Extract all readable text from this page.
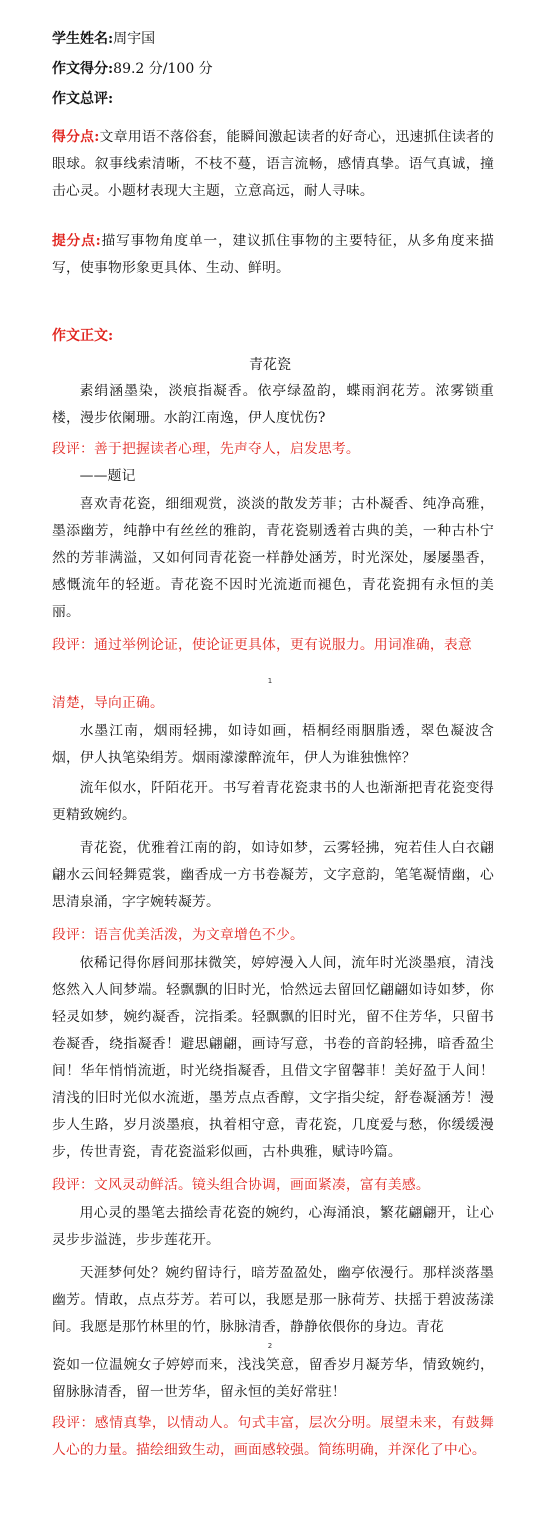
学生姓名:周宇国
作文得分:89.2 分/100 分
作文总评:
得分点:文章用语不落俗套，能瞬间激起读者的好奇心，迅速抓住读者的眼球。叙事线索清晰，不枝不蔓，语言流畅，感情真挚。语气真诚，撞击心灵。小题材表现大主题，立意高远，耐人寻味。
提分点:描写事物角度单一，建议抓住事物的主要特征，从多角度来描写，使事物形象更具体、生动、鲜明。
作文正文:
青花瓷
素绢涵墨染，淡痕指凝香。依亭绿盈韵，蝶雨润花芳。浓雾锁重楼，漫步依阑珊。水韵江南逸，伊人度忧伤?
段评：善于把握读者心理，先声夺人，启发思考。
——题记
喜欢青花瓷，细细观赏，淡淡的散发芳菲；古朴凝香、纯净高雅，墨添幽芳，纯静中有丝丝的雅韵，青花瓷剔透着古典的美，一种古朴宁然的芳菲满溢，又如何同青花瓷一样静处涵芳，时光深处，屡屡墨香，感慨流年的轻逝。青花瓷不因时光流逝而褪色，青花瓷拥有永恒的美丽。
段评：通过举例论证，使论证更具体，更有说服力。用词准确，表意
1
清楚，导向正确。
水墨江南，烟雨轻拂，如诗如画，梧桐经雨胭脂透，翠色凝波含烟，伊人执笔染绢芳。烟雨濛濛醉流年，伊人为谁独憔悴？
流年似水，阡陌花开。书写着青花瓷隶书的人也渐渐把青花瓷变得更精致婉约。
青花瓷，优雅着江南的韵，如诗如梦，云雾轻拂，宛若佳人白衣翩翩水云间轻舞霓裳，幽香成一方书卷凝芳，文字意韵，笔笔凝情幽，心思清泉涌，字字婉转凝芳。
段评：语言优美活泼，为文章增色不少。
依稀记得你唇间那抹微笑，婷婷漫入人间，流年时光淡墨痕，清浅悠然入人间梦端。轻飘飘的旧时光，恰然远去留回忆翩翩如诗如梦，你轻灵如梦，婉约凝香，浣指柔。轻飘飘的旧时光，留不住芳华，只留书卷凝香，绕指凝香！避思翩翩，画诗写意，书卷的音韵轻拂，暗香盈尘间！华年悄悄流逝，时光绕指凝香，且借文字留馨菲！美好盈于人间！清浅的旧时光似水流逝，墨芳点点香醇，文字指尖绽，舒卷凝涵芳！漫步人生路，岁月淡墨痕，执着相守意，青花瓷，几度爱与愁，你缓缓漫步，传世青瓷，青花瓷溢彩似画，古朴典雅，赋诗吟篇。
段评：文风灵动鲜活。镜头组合协调，画面紧凑，富有美感。
用心灵的墨笔去描绘青花瓷的婉约，心海涌浪，繁花翩翩开，让心灵步步溢涟，步步莲花开。
天涯梦何处？婉约留诗行，暗芳盈盈处，幽亭依漫行。那样淡落墨幽芳。情敢，点点芬芳。若可以，我愿是那一脉荷芳、扶摇于碧波荡漾间。我愿是那竹林里的竹，脉脉清香，静静依偎你的身边。青花
2
瓷如一位温婉女子婷婷而来，浅浅笑意，留香岁月凝芳华，情致婉约，留脉脉清香，留一世芳华，留永恒的美好常驻！
段评：感情真挚，以情动人。句式丰富，层次分明。展望未来，有鼓舞人心的力量。描绘细致生动，画面感较强。简练明确，并深化了中心。
